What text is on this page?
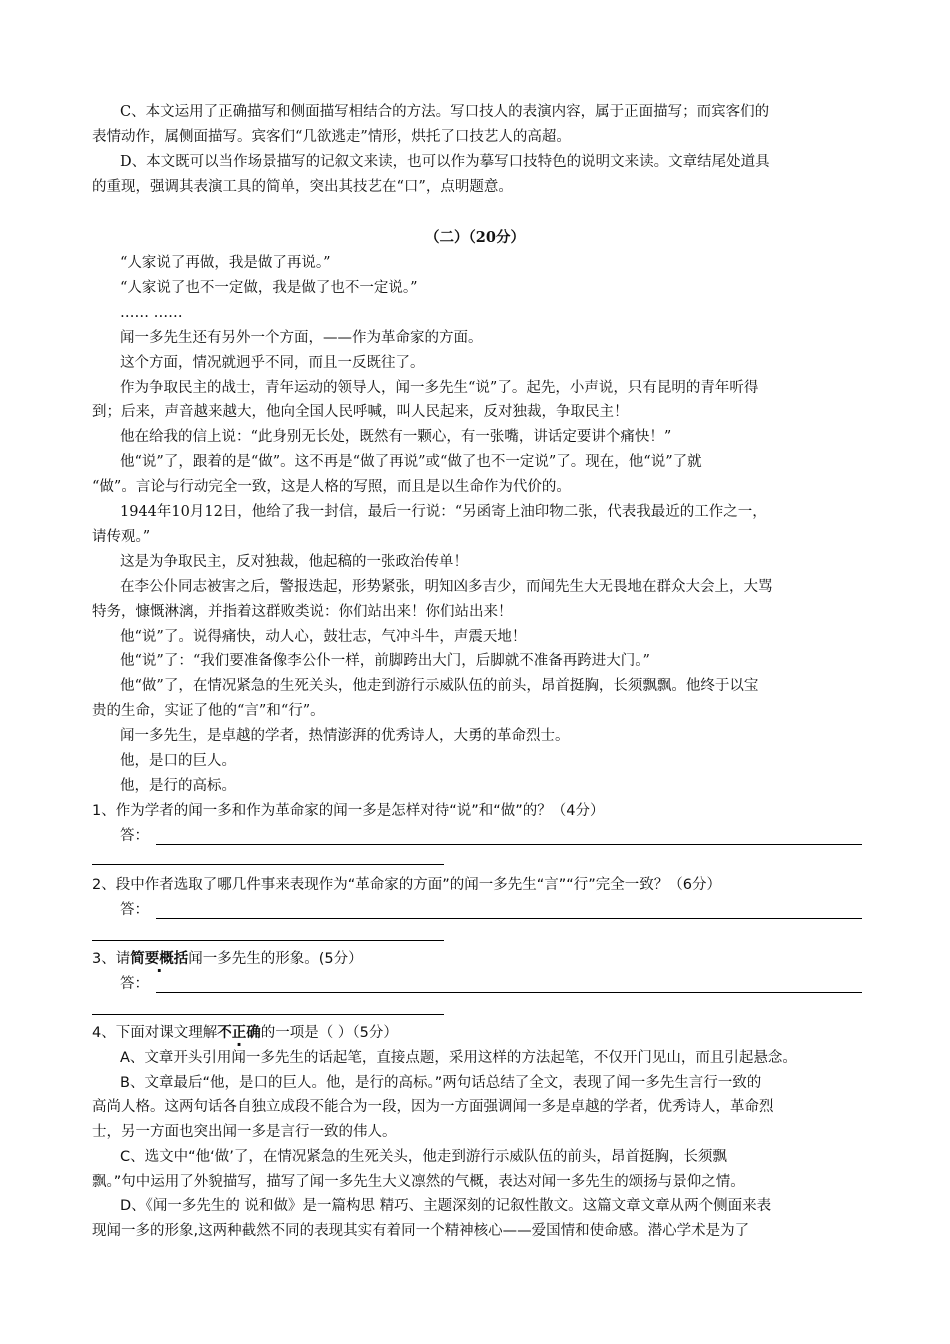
C、本文运用了正确描写和侧面描写相结合的方法。写口技人的表演内容，属于正面描写；而宾客们的

表情动作，属侧面描写。宾客们“几欲逃走”情形，烘托了口技艺人的高超。

D、本文既可以当作场景描写的记叙文来读，也可以作为摹写口技特色的说明文来读。文章结尾处道具

的重现，强调其表演工具的简单，突出其技艺在“口”，点明题意。

（二）（20分）

“人家说了再做，我是做了再说。”

“人家说了也不一定做，我是做了也不一定说。”

…… ……

闻一多先生还有另外一个方面，——作为革命家的方面。

这个方面，情况就迥乎不同，而且一反既往了。

作为争取民主的战士，青年运动的领导人，闻一多先生“说”了。起先，小声说，只有昆明的青年听得

到；后来，声音越来越大，他向全国人民呼喊，叫人民起来，反对独裁，争取民主！

他在给我的信上说：“此身别无长处，既然有一颗心，有一张嘴，讲话定要讲个痛快！”

他“说”了，跟着的是“做”。这不再是“做了再说”或“做了也不一定说”了。现在，他“说”了就

“做”。言论与行动完全一致，这是人格的写照，而且是以生命作为代价的。

1944年10月12日，他给了我一封信，最后一行说：“另函寄上油印物二张，代表我最近的工作之一，

请传观。”

这是为争取民主，反对独裁，他起稿的一张政治传单！

在李公仆同志被害之后，警报迭起，形势紧张，明知凶多吉少，而闻先生大无畏地在群众大会上，大骂

特务，慷慨淋漓，并指着这群败类说：你们站出来！你们站出来！

他“说”了。说得痛快，动人心，鼓壮志，气冲斗牛，声震天地！

他“说”了：“我们要准备像李公仆一样，前脚跨出大门，后脚就不准备再跨进大门。”

他“做”了，在情况紧急的生死关头，他走到游行示威队伍的前头，昂首挺胸，长须飘飘。他终于以宝

贵的生命，实证了他的“言”和“行”。

闻一多先生，是卓越的学者，热情澎湃的优秀诗人，大勇的革命烈士。

他，是口的巨人。

他，是行的高标。

1、作为学者的闻一多和作为革命家的闻一多是怎样对待“说”和“做”的？（4分）

答：

2、段中作者选取了哪几件事来表现作为“革命家的方面”的闻一多先生“言”“行”完全一致？（6分）

答：

3、请简要概括闻一多先生的形象。(5分）

答：

4、下面对课文理解不正确的一项是（ ）（5分）

A、文章开头引用闻一多先生的话起笔，直接点题，采用这样的方法起笔，不仅开门见山，而且引起悬念。

B、文章最后“他，是口的巨人。他，是行的高标。”两句话总结了全文，表现了闻一多先生言行一致的

高尚人格。这两句话各自独立成段不能合为一段，因为一方面强调闻一多是卓越的学者，优秀诗人，革命烈

士，另一方面也突出闻一多是言行一致的伟人。

C、选文中“他‘做’了，在情况紧急的生死关头，他走到游行示威队伍的前头，昂首挺胸，长须飘

飘。”句中运用了外貌描写，描写了闻一多先生大义凛然的气概，表达对闻一多先生的颂扬与景仰之情。

D、《闻一多先生的 说和做》是一篇构思 精巧、主题深刻的记叙性散文。这篇文章文章从两个侧面来表

现闻一多的形象,这两种截然不同的表现其实有着同一个精神核心——爱国情和使命感。潜心学术是为了
